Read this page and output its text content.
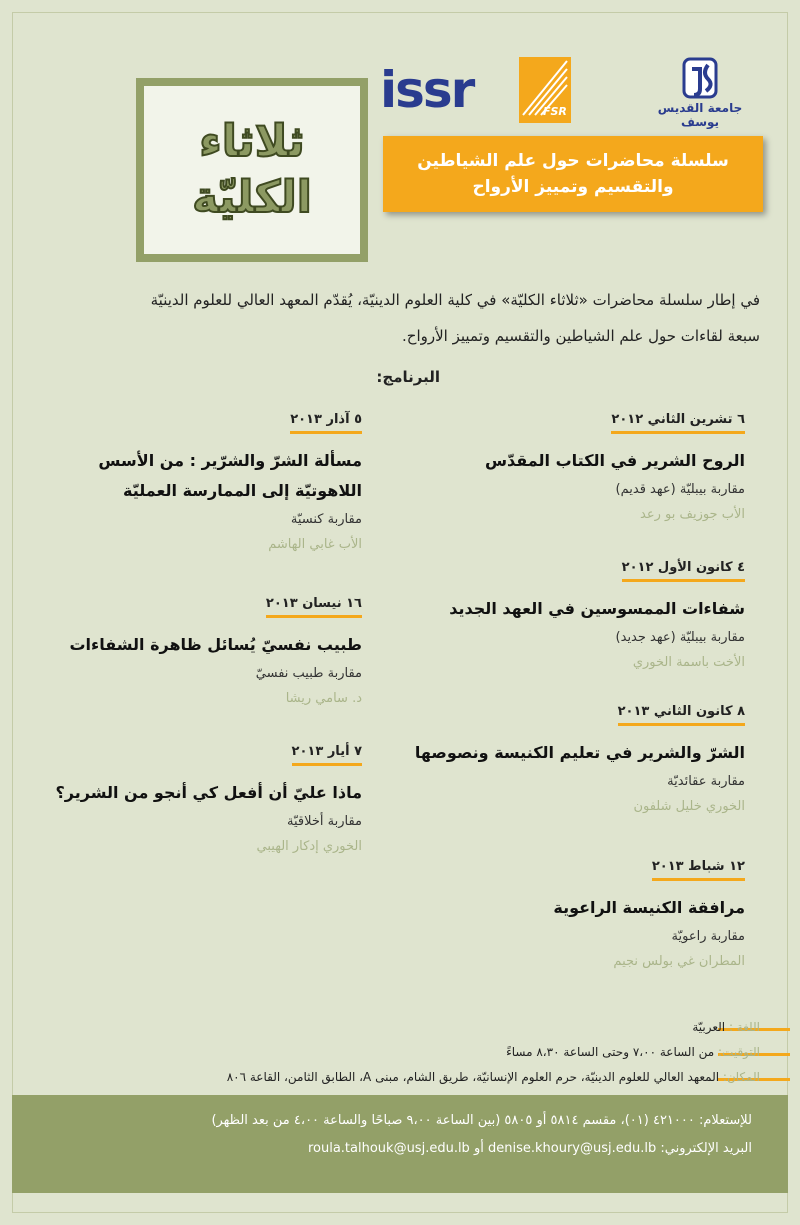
جامعة القديس يوسف
FSR
issr
ثلاثاء
الكليّة
سلسلة محاضرات حول علم الشياطين
والتقسيم وتمييز الأرواح
في إطار سلسلة محاضرات «ثلاثاء الكليّة» في كلية العلوم الدينيّة، يُقدّم المعهد العالي للعلوم الدينيّة
سبعة لقاءات حول علم الشياطين والتقسيم وتمييز الأرواح.
البرنامج:
٦ تشرين الثاني ٢٠١٢
الروح الشرير في الكتاب المقدّس
مقاربة بيبليّة (عهد قديم)
الأب جوزيف بو رعد
٤ كانون الأول ٢٠١٢
شفاءات الممسوسين في العهد الجديد
مقاربة بيبليّة (عهد جديد)
الأخت باسمة الخوري
٨ كانون الثاني ٢٠١٣
الشرّ والشرير في تعليم الكنيسة ونصوصها
مقاربة عقائديّة
الخوري خليل شلفون
١٢ شباط ٢٠١٣
مرافقة الكنيسة الراعوية
مقاربة راعويّة
المطران غي بولس نجيم
٥ آذار ٢٠١٣
مسألة الشرّ والشرّير : من الأسس
اللاهوتيّة إلى الممارسة العمليّة
مقاربة كنسيّة
الأب غابي الهاشم
١٦ نيسان ٢٠١٣
طبيب نفسيّ يُسائل ظاهرة الشفاءات
مقاربة طبيب نفسيّ
د. سامي ريشا
٧ أيار ٢٠١٣
ماذا عليّ أن أفعل كي أنجو من الشرير؟
مقاربة أخلاقيّة
الخوري إدكار الهيبي
اللغة : العربيّة
التوقيت: من الساعة ٧،٠٠ وحتى الساعة ٨،٣٠ مساءً
المكان: المعهد العالي للعلوم الدينيّة، حرم العلوم الإنسانيّة، طريق الشام، مبنى A، الطابق الثامن، القاعة ٨٠٦
للإستعلام: ٤٢١٠٠٠ (٠١)، مقسم ٥٨١٤ أو ٥٨٠٥ (بين الساعة ٩،٠٠ صباحًا والساعة ٤،٠٠ من بعد الظهر)
البريد الإلكتروني: denise.khoury@usj.edu.lb أو roula.talhouk@usj.edu.lb
